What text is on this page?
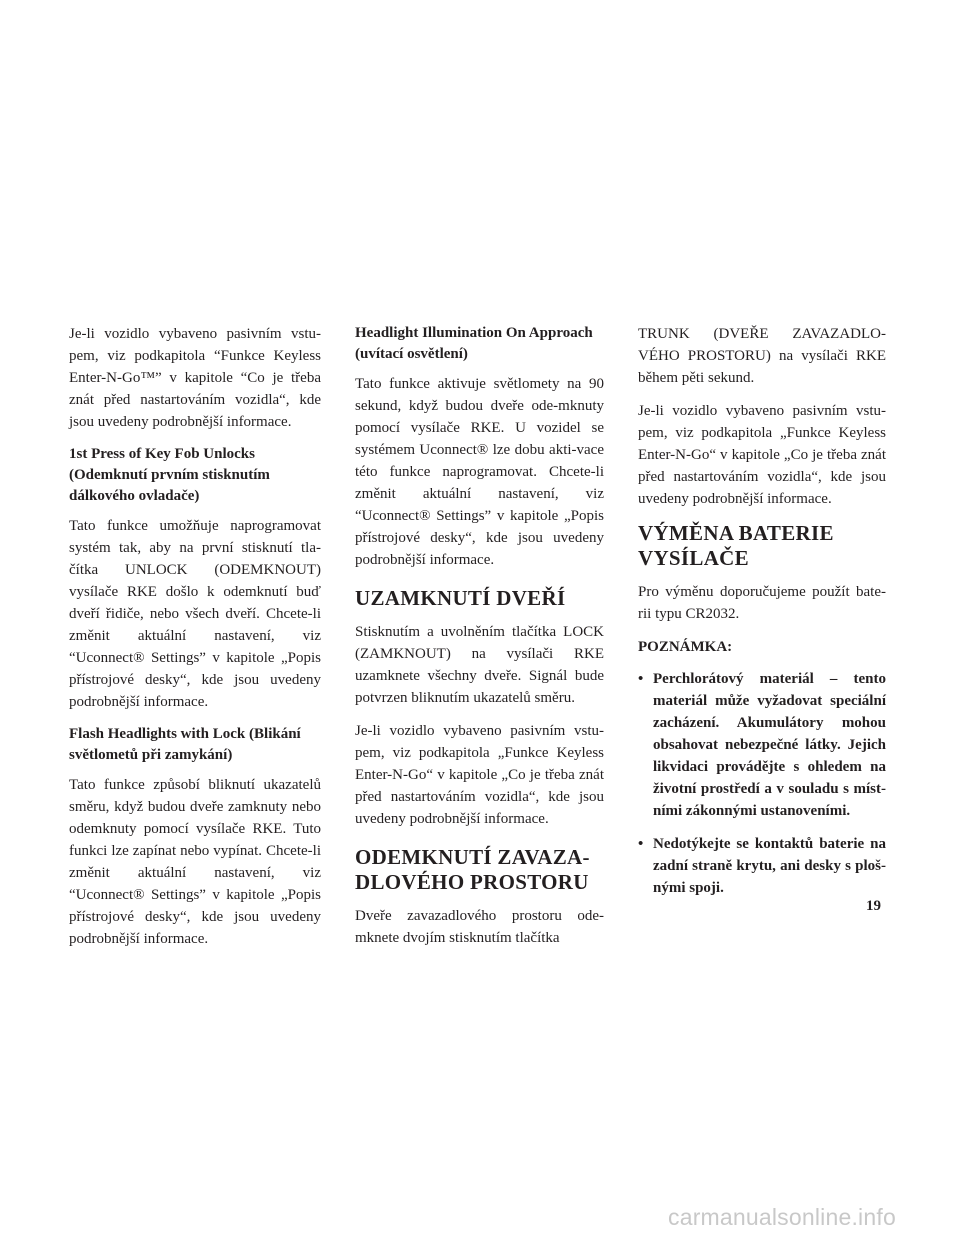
Je-li vozidlo vybaveno pasivním vstu-pem, viz podkapitola “Funkce Keyless Enter-N-Go™” v kapitole “Co je třeba znát před nastartováním vozidla“, kde jsou uvedeny podrobnější informace.

1st Press of Key Fob Unlocks (Odemknutí prvním stisknutím dálkového ovladače)

Tato funkce umožňuje naprogramovat systém tak, aby na první stisknutí tla-čítka UNLOCK (ODEMKNOUT) vysílače RKE došlo k odemknutí buď dveří řidiče, nebo všech dveří. Chcete-li změnit aktuální nastavení, viz “Uconnect® Settings” v kapitole „Popis přístrojové desky“, kde jsou uvedeny podrobnější informace.

Flash Headlights with Lock (Blikání světlometů při zamykání)

Tato funkce způsobí bliknutí ukazatelů směru, když budou dveře zamknuty nebo odemknuty pomocí vysílače RKE. Tuto funkci lze zapínat nebo vypínat. Chcete-li změnit aktuální nastavení, viz “Uconnect® Settings” v kapitole „Popis přístrojové desky“, kde jsou uvedeny podrobnější informace.

Headlight Illumination On Approach (uvítací osvětlení)

Tato funkce aktivuje světlomety na 90 sekund, když budou dveře ode-mknuty pomocí vysílače RKE. U vozidel se systémem Uconnect® lze dobu akti-vace této funkce naprogramovat. Chcete-li změnit aktuální nastavení, viz “Uconnect® Settings” v kapitole „Popis přístrojové desky“, kde jsou uvedeny podrobnější informace.

UZAMKNUTÍ DVEŘÍ

Stisknutím a uvolněním tlačítka LOCK (ZAMKNOUT) na vysílači RKE uzamknete všechny dveře. Signál bude potvrzen bliknutím ukazatelů směru.

Je-li vozidlo vybaveno pasivním vstu-pem, viz podkapitola „Funkce Keyless Enter-N-Go“ v kapitole „Co je třeba znát před nastartováním vozidla“, kde jsou uvedeny podrobnější informace.

ODEMKNUTÍ ZAVAZA-DLOVÉHO PROSTORU

Dveře zavazadlového prostoru ode-mknete dvojím stisknutím tlačítka

TRUNK (DVEŘE ZAVAZADLO-VÉHO PROSTORU) na vysílači RKE během pěti sekund.

Je-li vozidlo vybaveno pasivním vstu-pem, viz podkapitola „Funkce Keyless Enter-N-Go“ v kapitole „Co je třeba znát před nastartováním vozidla“, kde jsou uvedeny podrobnější informace.

VÝMĚNA BATERIE VYSÍLAČE

Pro výměnu doporučujeme použít bate-rii typu CR2032.

POZNÁMKA:
• Perchlorátový materiál – tento materiál může vyžadovat speciální zacházení. Akumulátory mohou obsahovat nebezpečné látky. Jejich likvidaci provádějte s ohledem na životní prostředí a v souladu s míst-ními zákonnými ustanoveními.
• Nedotýkejte se kontaktů baterie na zadní straně krytu, ani desky s ploš-nými spoji.
19
carmanualsonline.info
